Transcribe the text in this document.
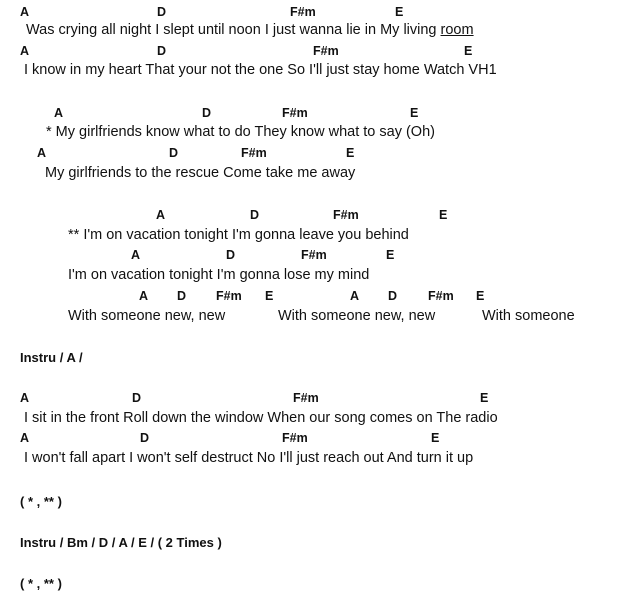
A	D	F#m	E
Was crying all night I slept until noon I just wanna lie in My living room
A	D	F#m	E
I know in my heart That your not the one So I'll just stay home Watch VH1
A	D	F#m	E
* My girlfriends know what to do They know what to say (Oh)
A	D	F#m	E
My girlfriends to the rescue Come take me away
A	D	F#m	E
** I'm on vacation tonight I'm gonna leave you behind
A	D	F#m	E
I'm on vacation tonight I'm gonna lose my mind
A D F#m E	A D F#m E
With someone new, new	With someone new, new	With someone
Instru / A /
A	D	F#m	E
I sit in the front Roll down the window When our song comes on The radio
A	D	F#m	E
I won't fall apart I won't self destruct No I'll just reach out And turn it up
( * , ** )
Instru / Bm / D / A / E / ( 2 Times )
( * , ** )
